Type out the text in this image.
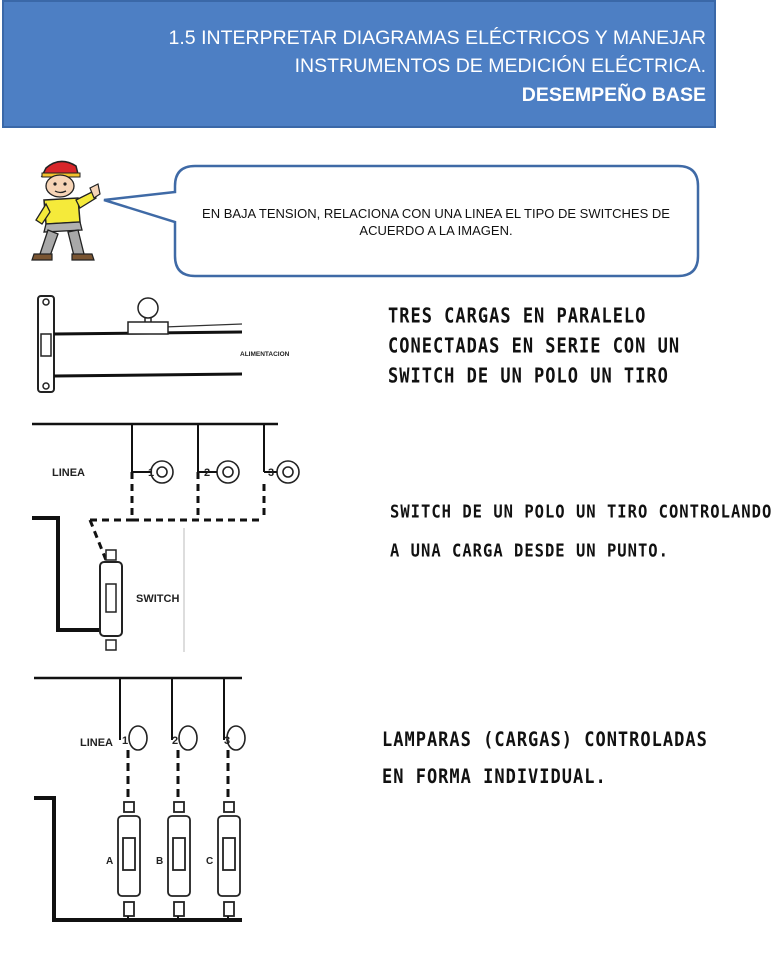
1.5 INTERPRETAR DIAGRAMAS ELÉCTRICOS Y MANEJAR
INSTRUMENTOS DE MEDICIÓN ELÉCTRICA.
DESEMPEÑO BASE
EN BAJA TENSION, RELACIONA CON UNA LINEA EL TIPO DE SWITCHES DE ACUERDO A LA IMAGEN.
ALIMENTACION
1	2	3
LINEA
SWITCH
1	2	3
LINEA
A	B	C
TRES CARGAS EN PARALELO
CONECTADAS EN SERIE CON UN
SWITCH DE UN POLO UN TIRO
SWITCH DE UN POLO UN TIRO CONTROLANDO
A UNA CARGA DESDE UN PUNTO.
LAMPARAS (CARGAS) CONTROLADAS
EN FORMA INDIVIDUAL.
